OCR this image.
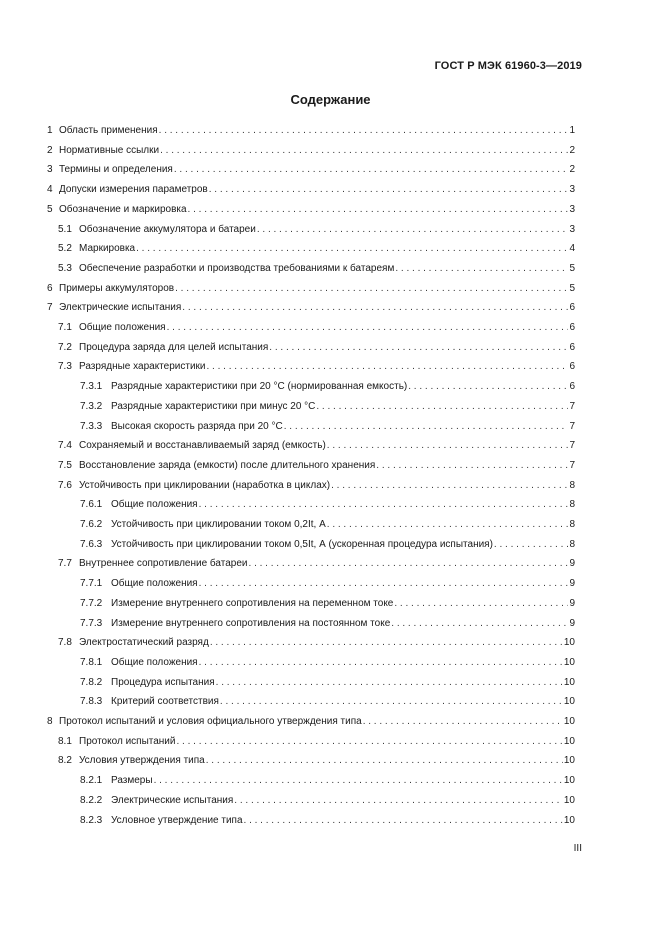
ГОСТ Р МЭК 61960-3—2019
Содержание
1 Область применения . . .	1
2 Нормативные ссылки . . .	2
3 Термины и определения . . .	2
4 Допуски измерения параметров . . .	3
5 Обозначение и маркировка . . .	3
5.1 Обозначение аккумулятора и батареи . . .	3
5.2 Маркировка . . .	4
5.3 Обеспечение разработки и производства требованиями к батареям . . .	5
6 Примеры аккумуляторов . . .	5
7 Электрические испытания . . .	6
7.1 Общие положения . . .	6
7.2 Процедура заряда для целей испытания . . .	6
7.3 Разрядные характеристики . . .	6
7.3.1 Разрядные характеристики при 20 °С (нормированная емкость) . . .	6
7.3.2 Разрядные характеристики при минус 20 °С . . .	7
7.3.3 Высокая скорость разряда при 20 °С . . .	7
7.4 Сохраняемый и восстанавливаемый заряд (емкость) . . .	7
7.5 Восстановление заряда (емкости) после длительного хранения . . .	7
7.6 Устойчивость при циклировании (наработка в циклах) . . .	8
7.6.1 Общие положения . . .	8
7.6.2 Устойчивость при циклировании током 0,2It, А . . .	8
7.6.3 Устойчивость при циклировании током 0,5It, А (ускоренная процедура испытания) . . .	8
7.7 Внутреннее сопротивление батареи . . .	9
7.7.1 Общие положения . . .	9
7.7.2 Измерение внутреннего сопротивления на переменном токе . . .	9
7.7.3 Измерение внутреннего сопротивления на постоянном токе . . .	9
7.8 Электростатический разряд . . .	10
7.8.1 Общие положения . . .	10
7.8.2 Процедура испытания . . .	10
7.8.3 Критерий соответствия . . .	10
8 Протокол испытаний и условия официального утверждения типа . . .	10
8.1 Протокол испытаний . . .	10
8.2 Условия утверждения типа . . .	10
8.2.1 Размеры . . .	10
8.2.2 Электрические испытания . . .	10
8.2.3 Условное утверждение типа . . .	10
III
